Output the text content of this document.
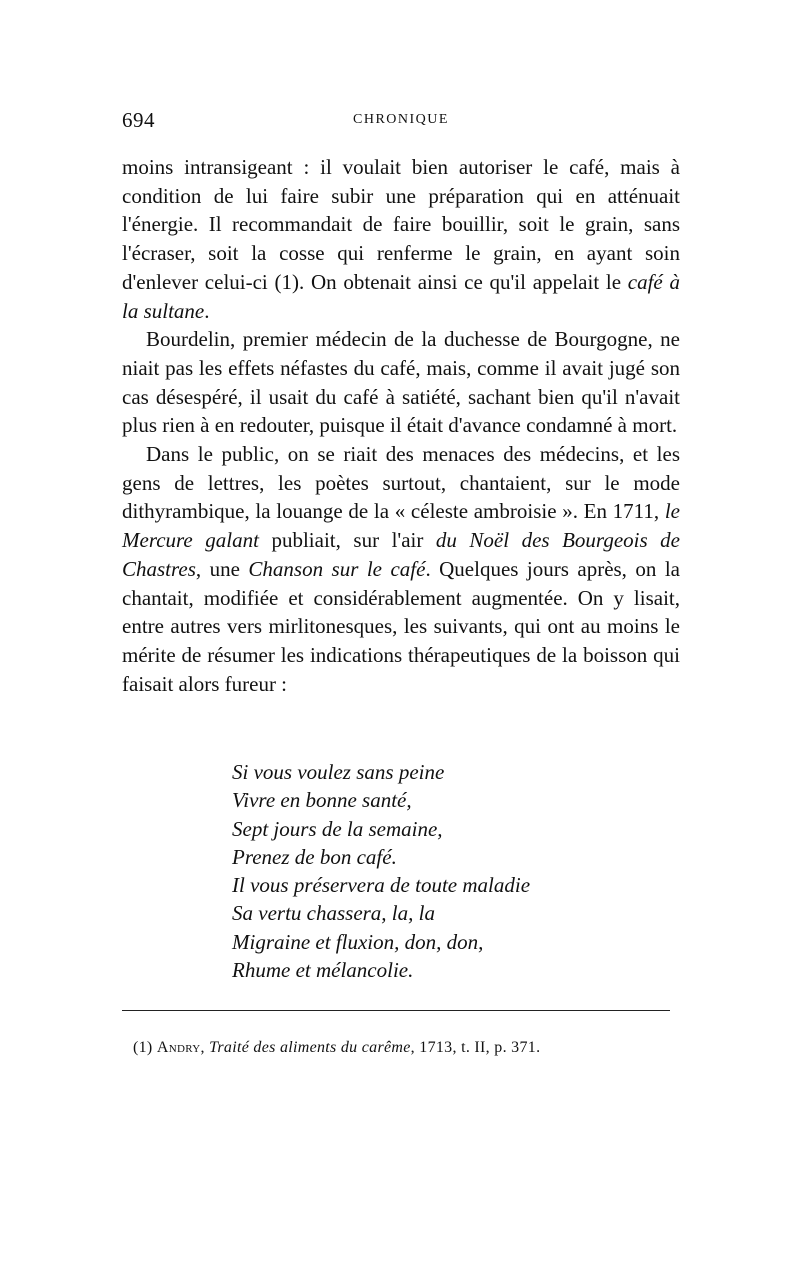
694	CHRONIQUE

moins intransigeant : il voulait bien autoriser le café, mais à condition de lui faire subir une préparation qui en atténuait l'énergie. Il recommandait de faire bouillir, soit le grain, sans l'écraser, soit la cosse qui renferme le grain, en ayant soin d'enlever celui-ci (1). On obtenait ainsi ce qu'il appelait le café à la sultane.

Bourdelin, premier médecin de la duchesse de Bourgogne, ne niait pas les effets néfastes du café, mais, comme il avait jugé son cas désespéré, il usait du café à satiété, sachant bien qu'il n'avait plus rien à en redouter, puisque il était d'avance condamné à mort.

Dans le public, on se riait des menaces des médecins, et les gens de lettres, les poètes surtout, chantaient, sur le mode dithyrambique, la louange de la « céleste ambroisie ». En 1711, le Mercure galant publiait, sur l'air du Noël des Bourgeois de Chastres, une Chanson sur le café. Quelques jours après, on la chantait, modifiée et considérablement augmentée. On y lisait, entre autres vers mirlitonesques, les suivants, qui ont au moins le mérite de résumer les indications thérapeutiques de la boisson qui faisait alors fureur :

Si vous voulez sans peine
Vivre en bonne santé,
Sept jours de la semaine,
Prenez de bon café.
Il vous préservera de toute maladie
Sa vertu chassera, la, la
Migraine et fluxion, don, don,
Rhume et mélancolie.
(1) Andry, Traité des aliments du carême, 1713, t. II, p. 371.
